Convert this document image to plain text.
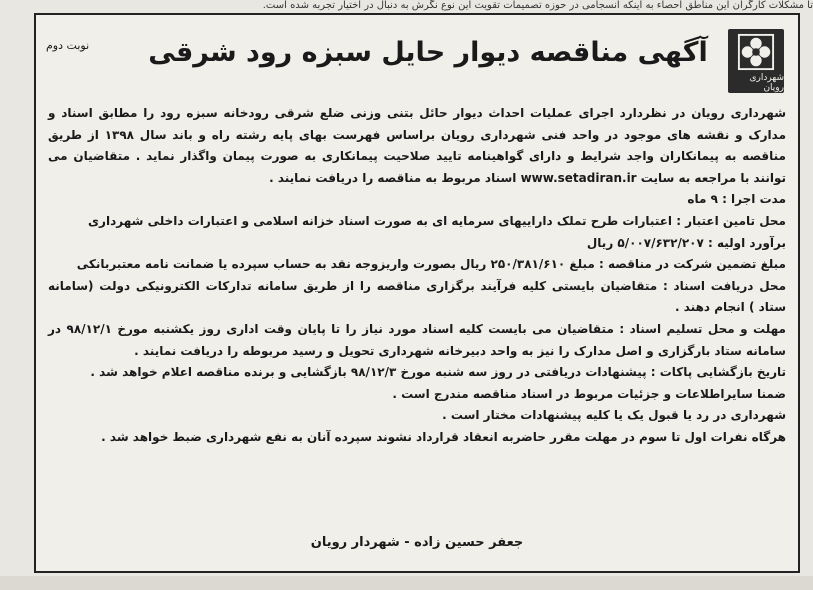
تا مشکلات کارگران این مناطق احصاء به اینکه انسجامی در حوزه تصمیمات تقویت این نوع نگرش به دنبال در اختیار تجربه شده است.
شهرداری رویان
آگهی مناقصه دیوار حایل سبزه رود شرقی
نوبت دوم

شهرداری رویان در نظردارد اجرای عملیات احداث دیوار حائل بتنی وزنی ضلع شرقی رودخانه سبزه رود را مطابق اسناد و مدارک و نقشه های موجود در واحد فنی شهرداری رویان براساس فهرست بهای پایه رشته راه و باند سال ۱۳۹۸ از طریق مناقصه به پیمانکاران واجد شرایط و دارای گواهینامه تایید صلاحیت پیمانکاری به صورت پیمان واگذار نماید . متقاضیان می توانند با مراجعه به سایت www.setadiran.ir اسناد مربوط به مناقصه را دریافت نمایند .

مدت اجرا : ۹ ماه

محل تامین اعتبار : اعتبارات طرح تملک داراییهای سرمایه ای به صورت اسناد خزانه اسلامی و اعتبارات داخلی شهرداری

برآورد اولیه : ۵/۰۰۷/۶۳۲/۲۰۷ ریال

مبلغ تضمین شرکت در مناقصه : مبلغ ۲۵۰/۳۸۱/۶۱۰ ریال بصورت واریزوجه نقد به حساب سپرده یا ضمانت نامه معتبربانکی

محل دریافت اسناد : متقاضیان بایستی کلیه فرآیند برگزاری مناقصه را از طریق سامانه تدارکات الکترونیکی دولت (سامانه ستاد ) انجام دهند .

مهلت و محل تسلیم اسناد : متقاضیان می بایست کلیه اسناد مورد نیاز را تا پایان وقت اداری روز یکشنبه مورخ ۹۸/۱۲/۱ در سامانه ستاد بارگزاری و اصل مدارک را نیز به واحد دبیرخانه شهرداری تحویل و رسید مربوطه را دریافت نمایند .

تاریخ بازگشایی پاکات : پیشنهادات دریافتی در روز سه شنبه مورخ ۹۸/۱۲/۳ بازگشایی و برنده مناقصه اعلام خواهد شد .

ضمنا سایراطلاعات و جزئیات مربوط در اسناد مناقصه مندرج است .

شهرداری در رد یا قبول یک یا کلیه پیشنهادات مختار است .

هرگاه نفرات اول تا سوم در مهلت مقرر حاضربه انعقاد قرارداد نشوند سپرده آنان به نفع شهرداری ضبط خواهد شد .

جعفر حسین زاده - شهردار رویان
